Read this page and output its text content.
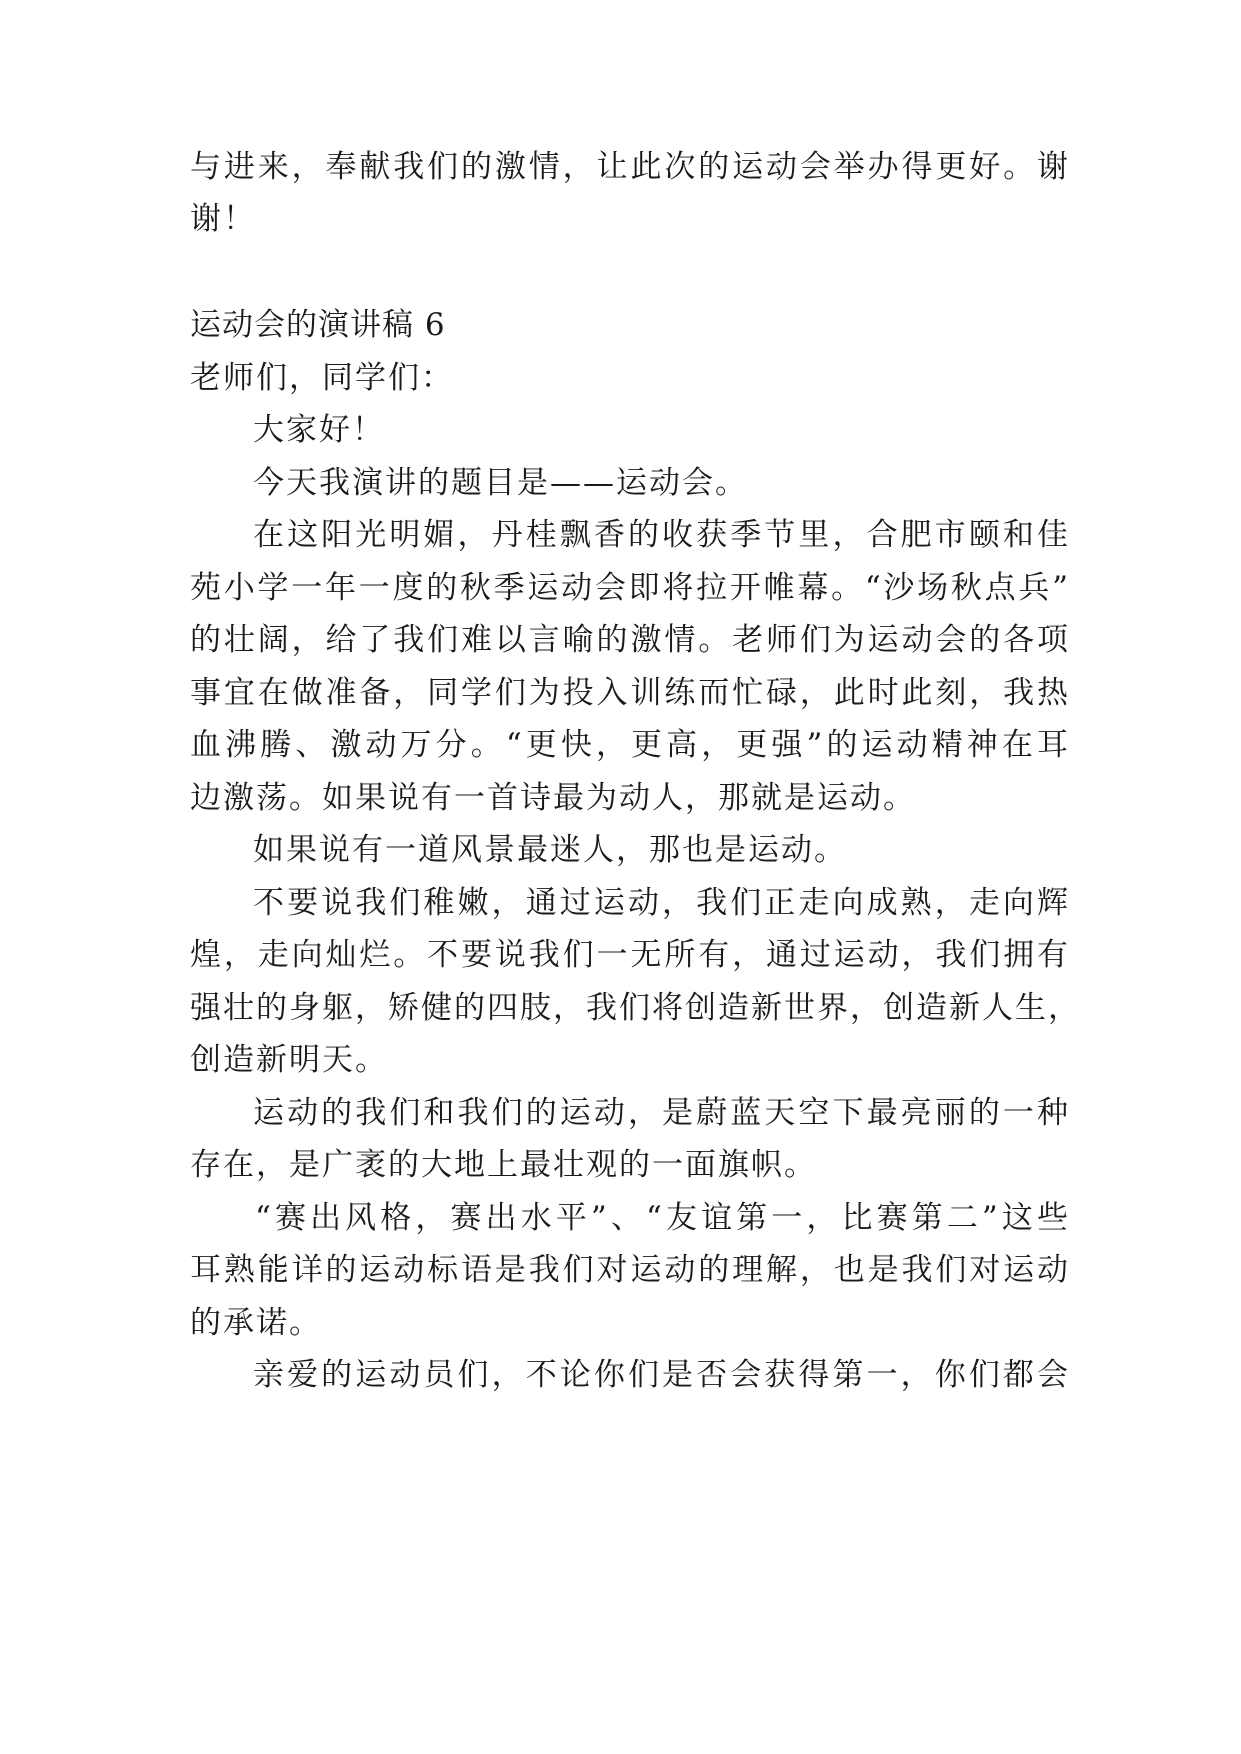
与进来，奉献我们的激情，让此次的运动会举办得更好。谢
谢！
运动会的演讲稿 6
老师们，同学们：
大家好！
今天我演讲的题目是——运动会。
在这阳光明媚，丹桂飘香的收获季节里，合肥市颐和佳
苑小学一年一度的秋季运动会即将拉开帷幕。“沙场秋点兵”
的壮阔，给了我们难以言喻的激情。老师们为运动会的各项
事宜在做准备，同学们为投入训练而忙碌，此时此刻，我热
血沸腾、激动万分。“更快，更高，更强”的运动精神在耳
边激荡。如果说有一首诗最为动人，那就是运动。
如果说有一道风景最迷人，那也是运动。
不要说我们稚嫩，通过运动，我们正走向成熟，走向辉
煌，走向灿烂。不要说我们一无所有，通过运动，我们拥有
强壮的身躯，矫健的四肢，我们将创造新世界，创造新人生，
创造新明天。
运动的我们和我们的运动，是蔚蓝天空下最亮丽的一种
存在，是广袤的大地上最壮观的一面旗帜。
“赛出风格，赛出水平”、“友谊第一，比赛第二”这些
耳熟能详的运动标语是我们对运动的理解，也是我们对运动
的承诺。
亲爱的运动员们，不论你们是否会获得第一，你们都会
